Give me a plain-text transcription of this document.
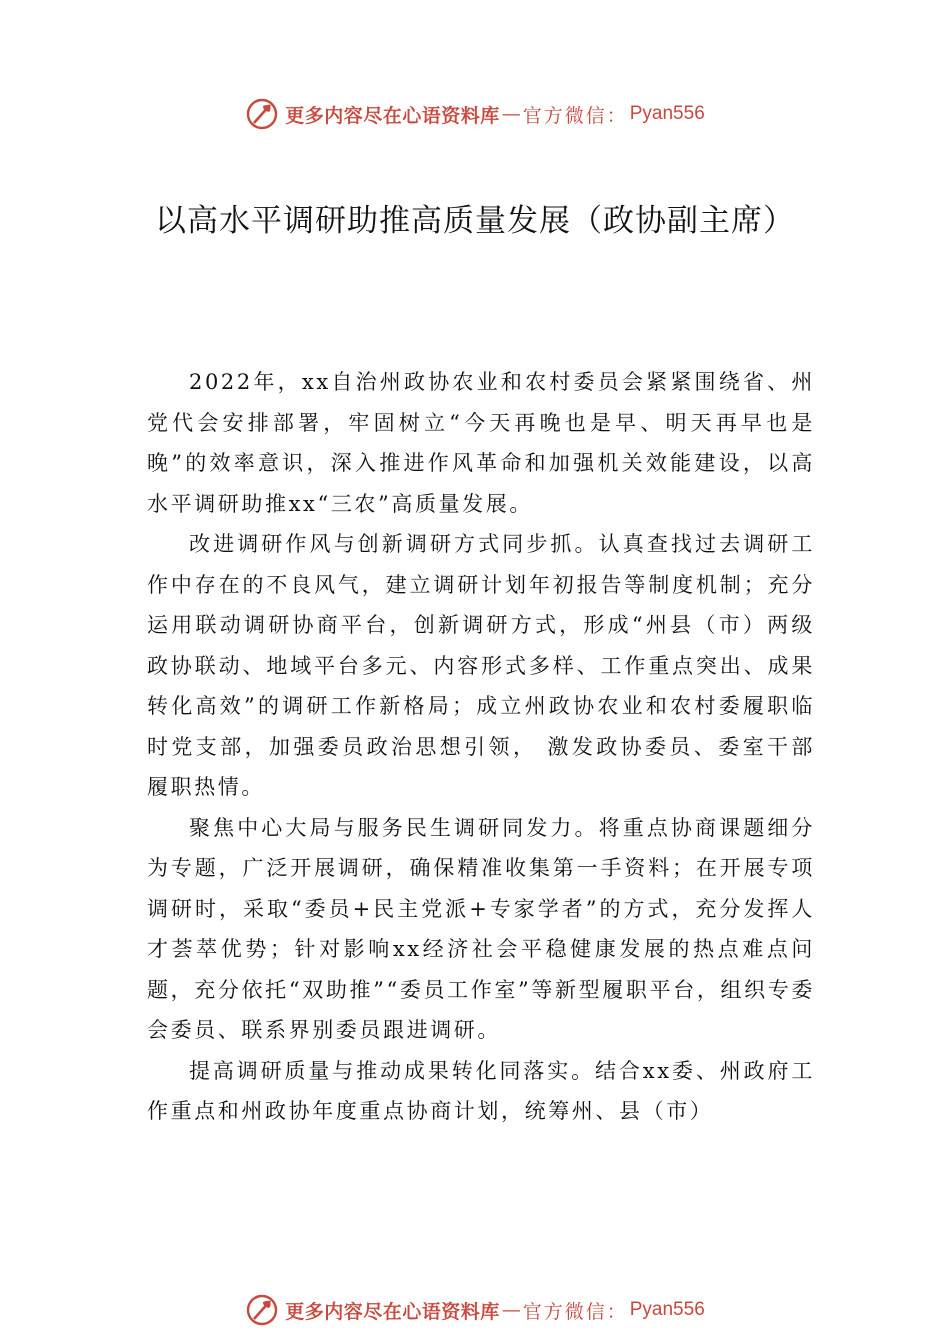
更多内容尽在心语资料库 — 官方微信： Pyan556
以高水平调研助推高质量发展（政协副主席）

2022年，xx自治州政协农业和农村委员会紧紧围绕省、州党代会安排部署，牢固树立“今天再晚也是早、明天再早也是晚”的效率意识，深入推进作风革命和加强机关效能建设，以高水平调研助推xx“三农”高质量发展。

改进调研作风与创新调研方式同步抓。认真查找过去调研工作中存在的不良风气，建立调研计划年初报告等制度机制；充分运用联动调研协商平台，创新调研方式，形成“州县（市）两级政协联动、地域平台多元、内容形式多样、工作重点突出、成果转化高效”的调研工作新格局；成立州政协农业和农村委履职临时党支部，加强委员政治思想引领， 激发政协委员、委室干部履职热情。

聚焦中心大局与服务民生调研同发力。将重点协商课题细分为专题，广泛开展调研，确保精准收集第一手资料；在开展专项调研时，采取“委员+民主党派+专家学者”的方式，充分发挥人才荟萃优势；针对影响xx经济社会平稳健康发展的热点难点问题，充分依托“双助推”“委员工作室”等新型履职平台，组织专委会委员、联系界别委员跟进调研。

提高调研质量与推动成果转化同落实。结合xx委、州政府工作重点和州政协年度重点协商计划，统筹州、县（市）

更多内容尽在心语资料库 — 官方微信： Pyan556
